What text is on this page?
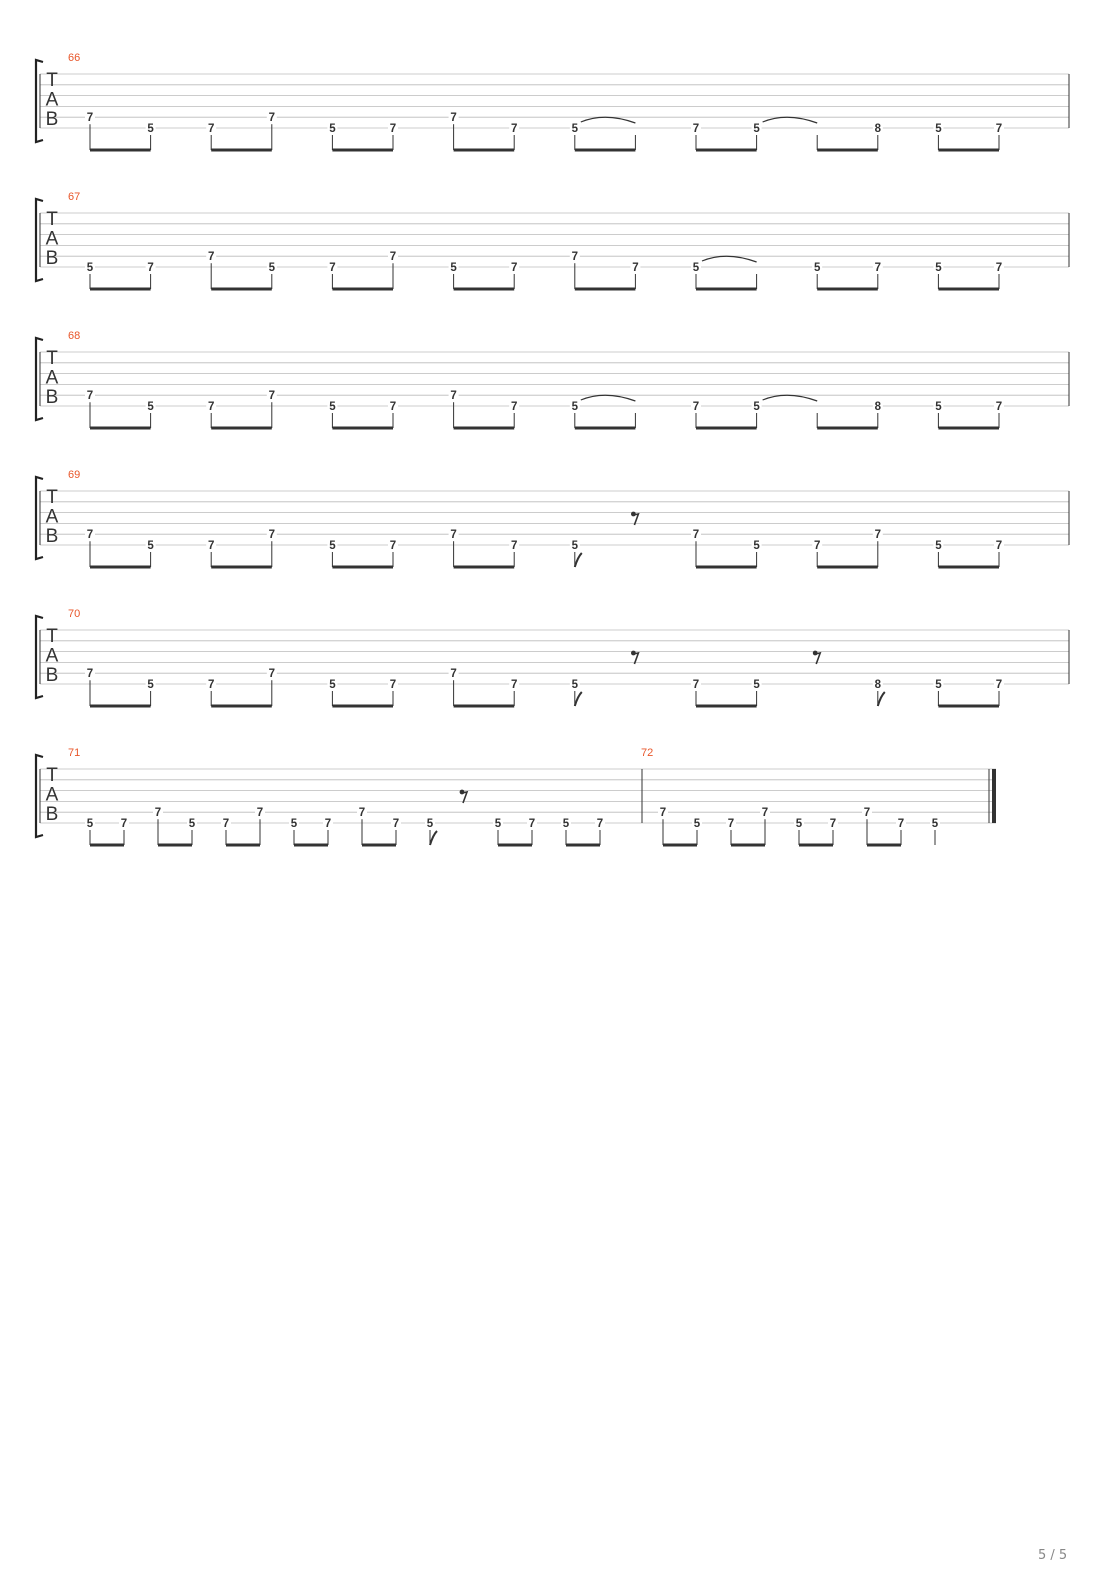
T
A
B
66
7
5	7
7
5	7
7
7	5	7	5	8	5	7
T
A
B
67
5	7
7
5	7
7
5	7
7
7	5	5	7	5	7
T
A
B
68
7
5	7
7
5	7
7
7	5	7	5	8	5	7
T
A
B
69
7
5	7
7
5	7
7
7	5
7
5	7
7
5	7
T
A
B
70
7
5	7
7
5	7
7
7	5	7	5	8	5	7
T
A
B
71
5 7
7
5 7
7
5 7
7
7 5	5 7 5 7
72
7
5 7
7
5 7
7
7 5
5 / 5
